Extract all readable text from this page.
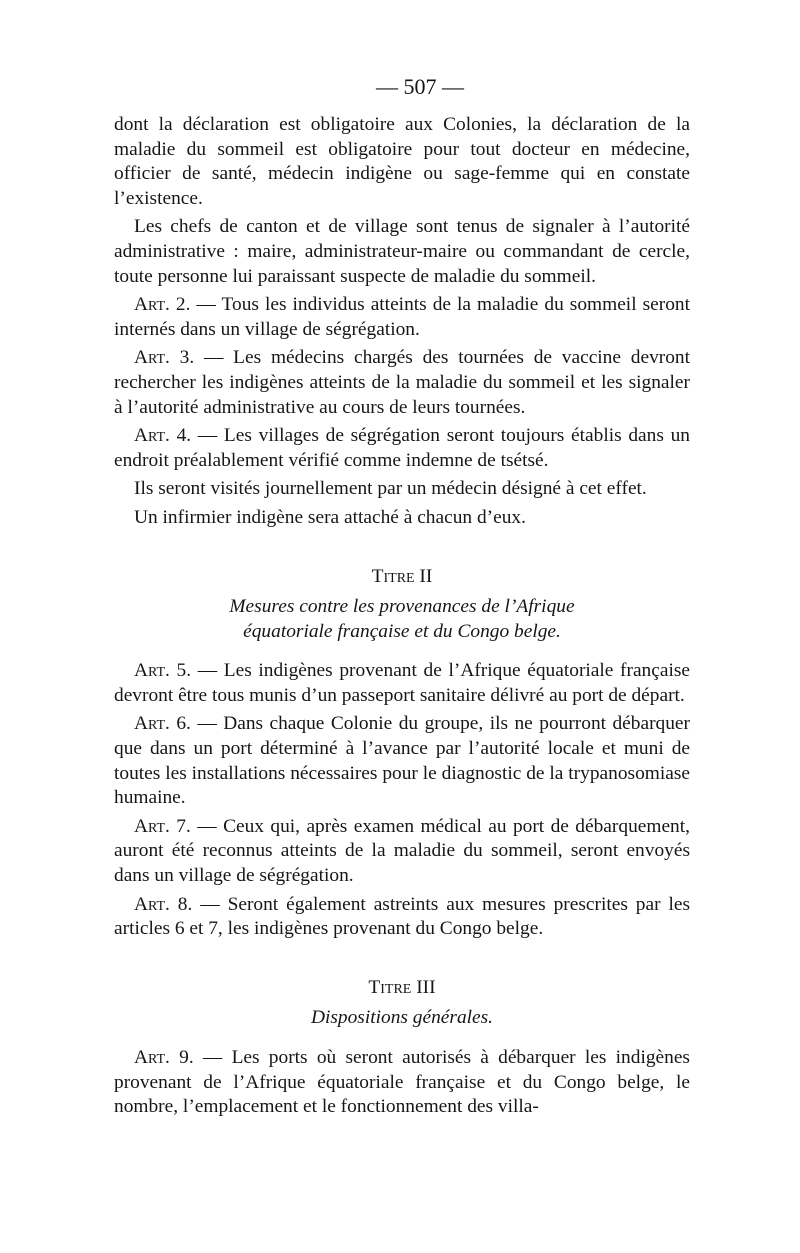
— 507 —

dont la déclaration est obligatoire aux Colonies, la déclaration de la maladie du sommeil est obligatoire pour tout docteur en médecine, officier de santé, médecin indigène ou sage-femme qui en constate l’existence.

Les chefs de canton et de village sont tenus de signaler à l’autorité administrative : maire, administrateur-maire ou commandant de cercle, toute personne lui paraissant suspecte de maladie du sommeil.

Art. 2. — Tous les individus atteints de la maladie du sommeil seront internés dans un village de ségrégation.

Art. 3. — Les médecins chargés des tournées de vaccine devront rechercher les indigènes atteints de la maladie du sommeil et les signaler à l’autorité administrative au cours de leurs tournées.

Art. 4. — Les villages de ségrégation seront toujours établis dans un endroit préalablement vérifié comme indemne de tsétsé.

Ils seront visités journellement par un médecin désigné à cet effet.

Un infirmier indigène sera attaché à chacun d’eux.

Titre II

Mesures contre les provenances de l’Afrique équatoriale française et du Congo belge.

Art. 5. — Les indigènes provenant de l’Afrique équatoriale française devront être tous munis d’un passeport sanitaire délivré au port de départ.

Art. 6. — Dans chaque Colonie du groupe, ils ne pourront débarquer que dans un port déterminé à l’avance par l’autorité locale et muni de toutes les installations nécessaires pour le diagnostic de la trypanosomiase humaine.

Art. 7. — Ceux qui, après examen médical au port de débarquement, auront été reconnus atteints de la maladie du sommeil, seront envoyés dans un village de ségrégation.

Art. 8. — Seront également astreints aux mesures prescrites par les articles 6 et 7, les indigènes provenant du Congo belge.

Titre III

Dispositions générales.

Art. 9. — Les ports où seront autorisés à débarquer les indigènes provenant de l’Afrique équatoriale française et du Congo belge, le nombre, l’emplacement et le fonctionnement des villa-
